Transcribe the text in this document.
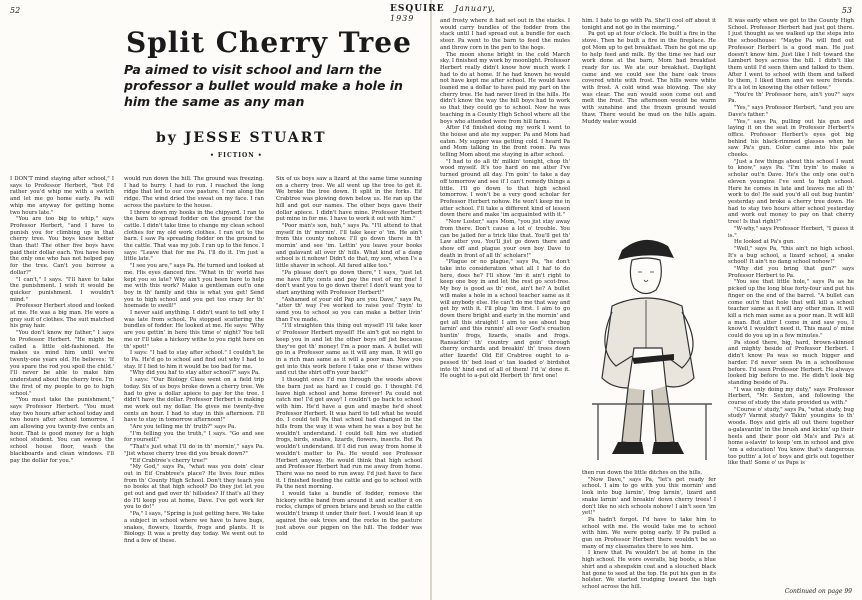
52
Split Cherry Tree
Pa aimed to visit school and larn the professor a bullet would make a hole in him the same as any man
by JESSE STUART
• FICTION •

I DON'T mind staying after school," I says to Professor Herbert, "but I'd rather you'd whip me with a switch and let me go home early. Pa will whip me anyway for getting home two hours late."

"You are too big to whip," says Professor Herbert, "and I have to punish you for climbing up in that cherry tree. You boys knew better than that! The other five boys have paid their dollar each. You have been the only one who has not helped pay for the tree. Can't you borrow a dollar?"

"I can't," I says. "I'll have to take the punishment. I wish it would be quicker punishment. I wouldn't mind."

Professor Herbert stood and looked at me. He was a big man. He wore a gray suit of clothes. The suit matched his gray hair.

"You don't know my father," I says to Professor Herbert. "He might be called a little old-fashioned. He makes us mind him until we're twenty-one years old. He believes: 'If you spare the rod you spoil the child.' I'll never be able to make him understand about the cherry tree. I'm the first of my people to go to high school."

"You must take the punishment," says Professor Herbert. "You must stay two hours after school today and two hours after school tomorrow. I am allowing you twenty-five cents an hour. That is good money for a high school student. You can sweep the school house floor, wash the blackboards and clean windows. I'll pay the dollar for you."

would run down the hill. The ground was freezing. I had to hurry. I had to run. I reached the long ridge that led to our cow pasture. I ran along the ridge. The wind dried the sweat on my face. I ran across the pasture to the house.

I threw down my books in the chipyard. I ran to the barn to spread fodder on the ground for the cattle. I didn't take time to change my clean school clothes for my old work clothes. I ran out to the barn. I saw Pa spreading fodder on the ground to the cattle. That was my job. I ran up to the fence. I says: "Leave that for me Pa. I'll do it. I'm just a little late."

"I see you are," says Pa. He turned and looked at me. His eyes danced fire. "What in th' world has kept you so late? Why ain't you been here to help me with this work? Make a gentleman out'n one boy in th' family and this is what you get! Send you to high school and you get too crazy fer th' hoemade to swell!"

I never said anything. I didn't want to tell why I was late from school. Pa stopped scattering the bundles of fodder. He looked at me. He says: "Why are you gettin' in here this time o' night? You tell me or I'll take a hickory withe to you right here on th' spot!"

I says: "I had to stay after school." I couldn't lie to Pa. He'd go to school and find out why I had to stay. If I lied to him it would be too bad for me.

"Why did you haf to stay atter school?" says Pa.

I says: "Our Biology Class went on a field trip today. Six of us boys broke down a cherry tree. We had to give a dollar apiece to pay for the tree. I didn't have the dollar. Professor Herbert is making me work out my dollar. He gives me twenty-five cents an hour. I had to stay in this afternoon. I'll have to stay in tomorrow afternoon!"

"Are you telling me th' truth?" says Pa.

"I'm telling you the truth," I says. "Go and see for yourself."

"That's just what I'll do in th' mornin'," says Pa. "Jist whose cherry tree did you break down?"

"Eif Crabtree's cherry tree!"

"My God," says Pa, "what was you doin' clear out in Eif Crabtree's place? He lives four miles from th' County High School. Don't they teach you no books at that high school? Do they jist let you get out and gad over th' hillsides? If that's all they do I'll keep you at home, Dave. I've got work fer you to do!"

"Pa," I says, "Spring is just getting here. We take a subject in school where we have to have bugs, snakes, flowers, lizards, frogs and plants. It is Biology. It was a pretty day today. We went out to find a few of these.

Six of us boys saw a lizard at the same time sunning on a cherry tree. We all went up the tree to get it. We broke the tree down. It split in the forks. Eif Crabtree was plowing down below us. He ran up the hill and got our names. The other boys gave their dollar apiece. I didn't have mine. Professor Herbert put mine in for me. I have to work it out with him."

"Poor man's son, huh," says Pa. "I'll attend to that myself in th' mornin'. I'll take keer o' 'im. He ain't from this county nohow. I'll go down there in th' mornin' and see 'im. Lettin' you leave your books and galavant all over th' hills. What kind of a dang school is it nohow! Didn't do that, my son, when I's a little shaver in school. All fared alike too."

"Pa please don't go down there," I says, "just let me have fifty cents and pay the rest of my fine! I don't want you to go down there! I don't want you to start anything with Professor Herbert!"

"Ashamed of your old Pap are you Dave," says Pa, "atter th' way I've worked to raise you! Tryin' to send you to school so you can make a better livin' than I've made.

"I'll straighten this thing out myself! I'll take keer o' Professor Herbert myself! He ain't got no right to keep you in and let the other boys off jist because they've got th' money! I'm a poor man. A bullet will go in a Professor same as it will any man. It will go in a rich man same as it will a poor man. Now you get into this work before I take one o' these withes and cut the shirt off'n your back!"

I thought once I'd run through the woods above the barn just as hard as I could go. I thought I'd leave high school and home forever! Pa could not catch me! I'd get away! I couldn't go back to school with him. He'd have a gun and maybe he'd shoot Professor Herbert. It was hard to tell what he would do. I could tell Pa that school had changed in the hills from the way it was when he was a boy but he wouldn't understand. I could tell him we studied frogs, birds, snakes, lizards, flowers, insects. But Pa wouldn't understand. If I did run away from home it wouldn't matter to Pa. He would see Professor Herbert anyway. He would think that high school and Professor Herbert had run me away from home. There was no need to run away. I'd just have to face it. I finished feeding the cattle and go to school with Pa the next morning.

I would take a bundle of fodder, remove the hickory withe band from around it and scatter it on rocks, clumps of green briars and brush so the cattle wouldn't tramp it under their feet. I would lean it up against the oak trees and the rocks in the pasture just above our pigpen on the hill. The fodder was cold

53
ESQUIRE January, 1939	and frosty where it had set out in the stacks. I would carry bundles of the fodder from the stack until I had spread out a bundle for each steer. Pa went to the barn to feed the mules and throw corn in the pen to the hogs.

The moon shone bright in the cold March sky. I finished my work by moonlight. Professor Herbert really didn't know how much work I had to do at home. If he had known he would not have kept me after school. He would have loaned me a dollar to have paid my part on the cherry tree. He had never lived in the hills. He didn't know the way the hill boys had to work so that they could go to school. Now he was teaching in a County High School where all the boys who attended were from hill farms.

After I'd finished doing my work I went to the house and ate my supper. Pa and Mom had eaten. My supper was getting cold. I heard Pa and Mom talking in the front room. Pa was telling Mom about me staying in after school.

"I had to do all th' milkin' tonight, chop th' wood myself. It's too hard on me atter I've turned ground all day. I'm goin' to take a day off tomorrow and see if I can't remedy things a little. I'll go down to that high school tomorrow. I won't be a very good scholar fer Professor Herbert nohow. He won't keep me in atter school. I'll take a different kind of lesson down there and make 'im acquainted with it."

"Now Luster," says Mom, "you jist stay away from there. Don't cause a lot o' trouble. You can be jailed fer a trick like that. You'll get th' Law atter you. You'll jist go down there and show off and plague your own boy Dave to death in front of all th' scholars!"

"Plague or no plague," says Pa, "he don't take into consideration what all I haf to do here, does he? I'll show 'im it ain't right to keep one boy in and let the rest go scot-free. My boy is good as th' rest, ain't he? A bullet will make a hole in a school teacher same as it will anybody else. He can't do me that way and get by with it. I'll plug 'im first. I aim to go down there bright and early in the mornin' and get all this straight! I aim to see about bug larnin' and this runnin' all over God's creation huntin' frogs, lizards, snails and frogs. Ransackin' th' country and goin' through cherry orchards and breakin' th' trees down atter lizards! Old Eif Crabtree ought to a-pessed th' bed load o' tan loaded o' birdshot into th' hind end of all of them! I'd 'a' done it. He ought to a-put old Herbert th' first one!

him. I hate to go with Pa. She'll cool off about it tonight and not go in the morning."

Pa got up at four o'clock. He built a fire in the stove. Then he built a fire in the fireplace. He got Mom up to get breakfast. Then he got me up to help feed and milk. By the time we had our work done at the barn, Mom had breakfast ready for us. We ate our breakfast. Daylight came and we could see the bare oak trees covered white with frost. The hills were white with frost. A cold wind was blowing. The sky was clear. The sun would soon come out and melt the frost. The afternoon would be warm with sunshine and the frozen ground would thaw. There would be mud on the hills again. Muddy water would

then run down the little ditches on the hills.

"Now Dave," says Pa, "let's get ready fer school. I aim to go with you this mornin' and look into bug larnin', frog larnin', lizard and snake larnin' and breakin' down cherry trees! I don't like no sich schools nohow! I ain't seen 'im yet!"

Pa hadn't forgot. I'd have to take him to school with me. He would take me to school with him. We were going early. If Pa pulled a gun on Professor Herbert there wouldn't be so many of my classmates there to see him.

I knew that Pa wouldn't be at home in the high school. He wore overalls, big boots, a blue shirt and a sheepskin coat and a slouched black hat gone to seed at the top. He put his gun in its holster. We started trudging toward the high school across the hill.

It was early when we got to the County High School. Professor Herbert had just got there. I just thought as we walked up the steps into the schoolhouse: "Maybe Pa will find out Professor Herbert is a good man. He just doesn't know him. Just like I felt toward the Lambert boys across the hill. I didn't like them until I'd seen them and talked to them. After I went to school with them and talked to them, I liked them and we were friends. It's a lot in knowing the other fellow."

"You're th' Professor here, ain't you?" says Pa.

"Yes," says Professor Herbert, "and you are Dave's father."

"Yes," says Pa, pulling out his gun and laying it on the seat in Professor Herbert's office. Professor Herbert's eyes got big behind his black-rimmed glasses when he saw Pa's gun. Color came into his pale cheeks.

"Just a few things about this school I want to know," says Pa. "I'm tryin' to make a scholar out'n Dave. He's the only one out'n eleven youngins I've sent to high school. Here he comes in late and leaves me all th' work to do! He said you'd all out bug huntin' yesterday and broke a cherry tree down. He had to stay two hours atter school yesterday and work out money to pay on that cherry tree! Is that right?"

"W-why," says Professor Herbert, "I guess it is."

He looked at Pa's gun.

"Well," says Pa, "this ain't no high school. It's a bug school, a lizard school, a snake school! It ain't no dang school nohow!"

"Why did you bring that gun?" says Professor Herbert to Pa.

"You see that little hole," says Pa as he picked up the long blue forty-four and put his finger on the end of the barrel. "A bullet can come out'n that hole that will kill a school teacher same as it will any other man. It will kill a rich man same as a poor man. It will kill a man. But atter I come in and saw you, I know'd I wouldn't need it. This maul o' mine could do you up in a few minutes."

Pa stood there, big, hard, brown-skinned and mighty beside of Professor Herbert. I didn't know Pa was so much bigger and harder. I'd never seen Pa in a schoolhouse before. I'd seen Professor Herbert. He always looked big before to me. He didn't look big standing beside of Pa.

"I was only doing my duty," says Professor Herbert, "Mr. Sexton, and following the course of study the state provided us with."

"Course o' study," says Pa, "what study, bug study? Varmit study? Takin' youngins to th' woods. Boys and girls all out there together a-galavantin' in the brush and kickin' up their heels and their poor old Ma's and Pa's at home a-slavin' to keep 'em in school and give 'em a education! You know that's dangerous too puttin' a lot o' boys and girls out together like that! Some o' us Paps is

Continued on page 99
